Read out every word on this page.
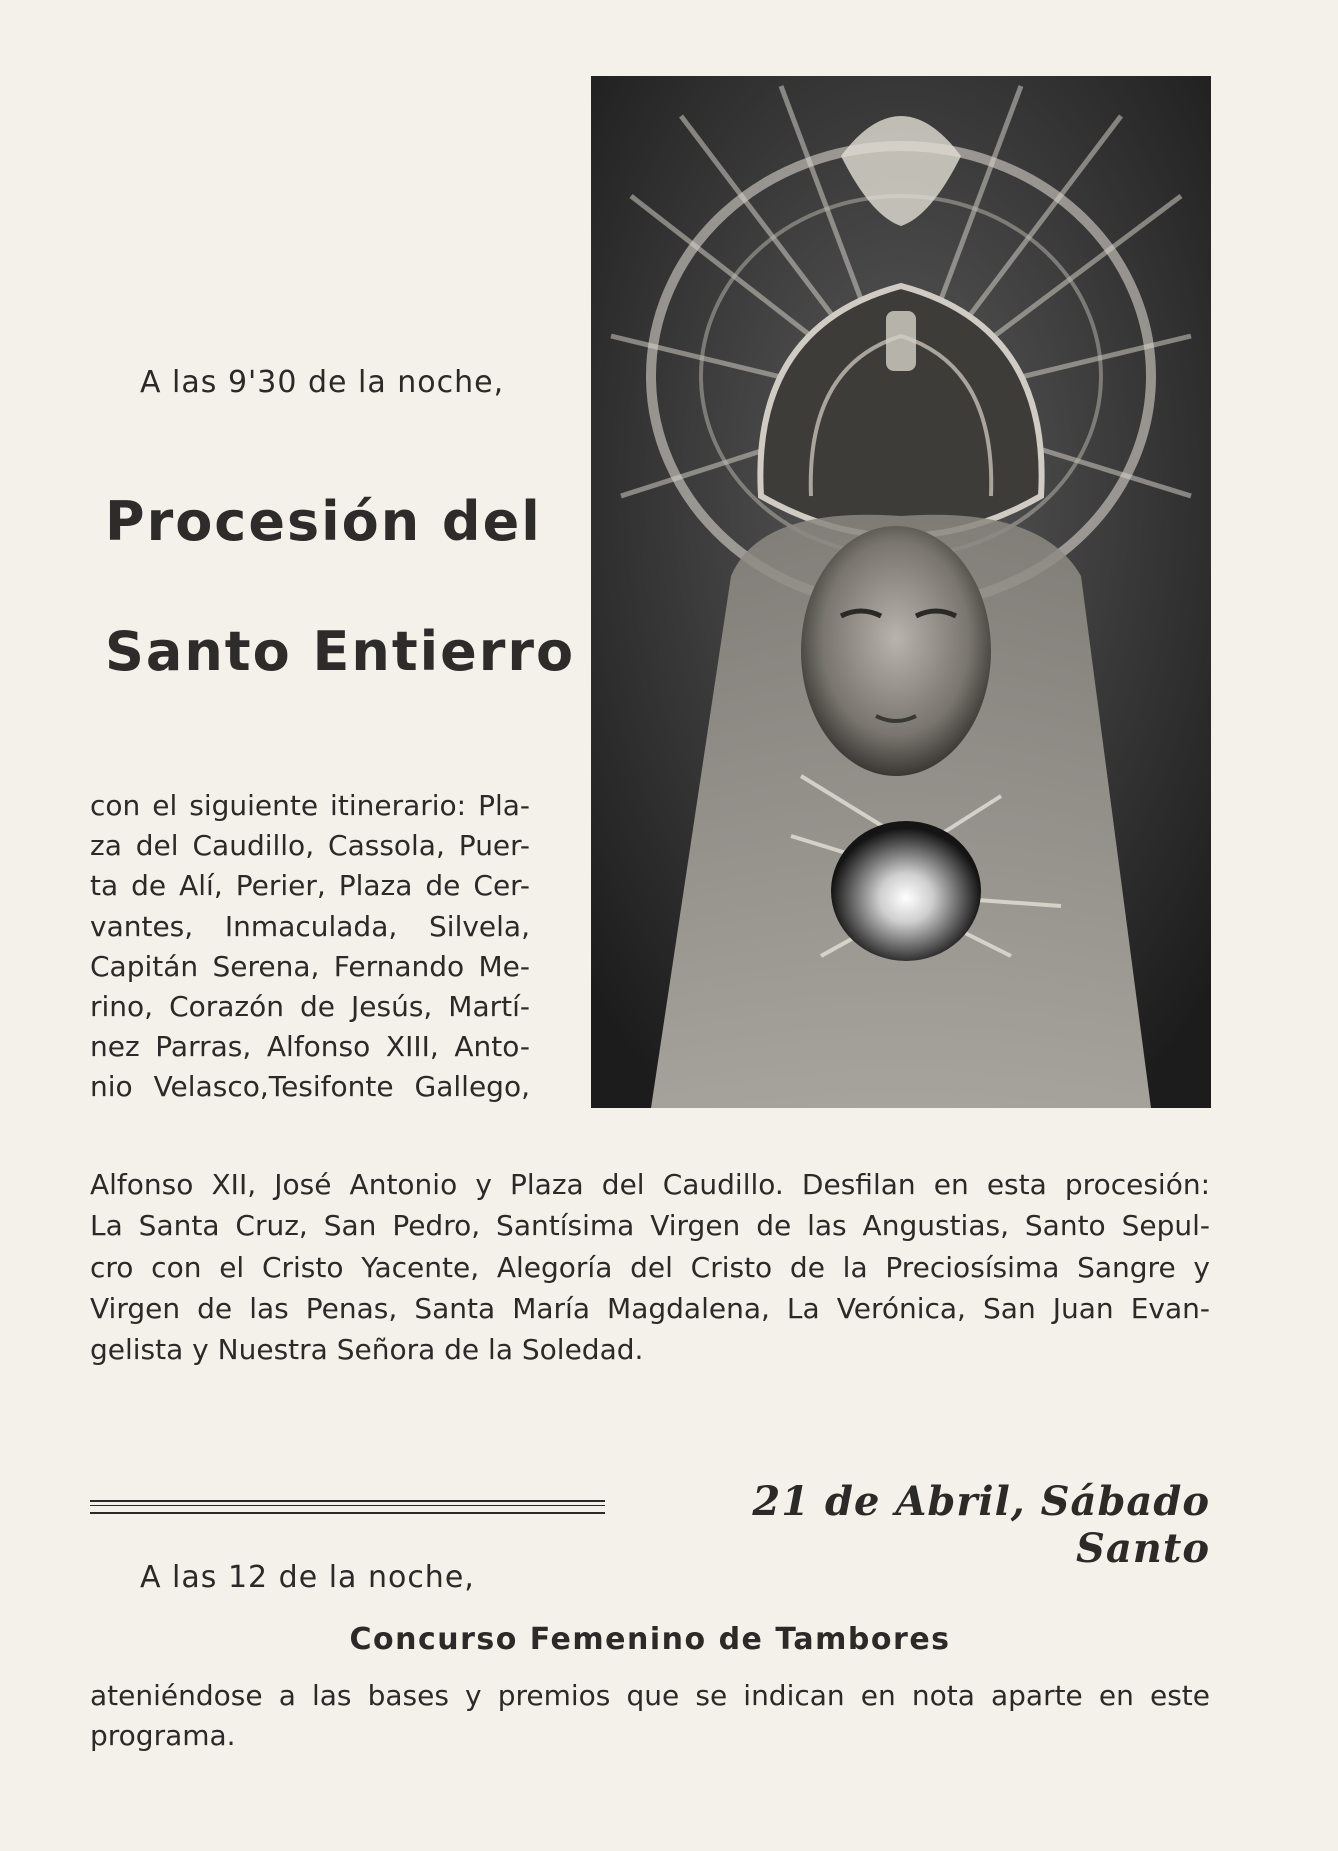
A las 9'30 de la noche,
Procesión del
Santo Entierro
con el siguiente itinerario: Pla-
za del Caudillo, Cassola, Puer-
ta de Alí, Perier, Plaza de Cer-
vantes, Inmaculada, Silvela,
Capitán Serena, Fernando Me-
rino, Corazón de Jesús, Martí-
nez Parras, Alfonso XIII, Anto-
nio Velasco,Tesifonte Gallego,
Alfonso XII, José Antonio y Plaza del Caudillo. Desfilan en esta procesión:
La Santa Cruz, San Pedro, Santísima Virgen de las Angustias, Santo Sepul-
cro con el Cristo Yacente, Alegoría del Cristo de la Preciosísima Sangre y
Virgen de las Penas, Santa María Magdalena, La Verónica, San Juan Evan-
gelista y Nuestra Señora de la Soledad.
21 de Abril, Sábado Santo
A las 12 de la noche,
Concurso Femenino de Tambores
ateniéndose a las bases y premios que se indican en nota aparte en este
programa.
